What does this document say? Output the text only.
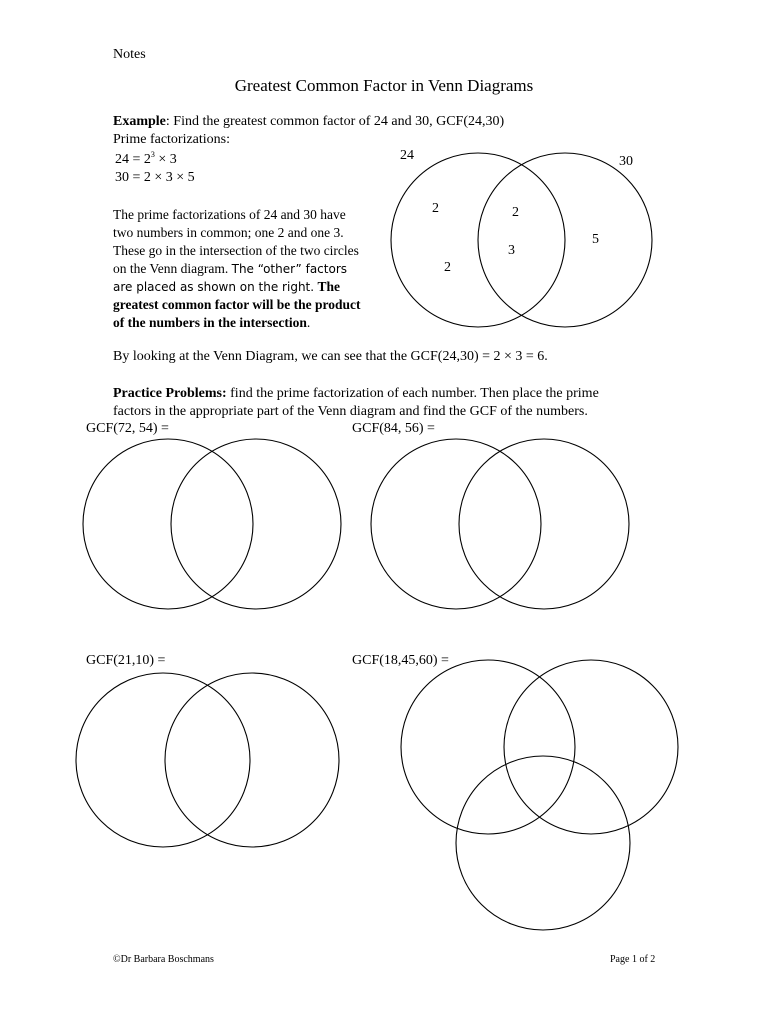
Notes
Greatest Common Factor in Venn Diagrams
Example: Find the greatest common factor of 24 and 30, GCF(24,30)
Prime factorizations:
$24 = 2^3 \times 3$
30 = 2 × 3 × 5
The prime factorizations of 24 and 30 have two numbers in common; one 2 and one 3. These go in the intersection of the two circles on the Venn diagram. The “other” factors are placed as shown on the right. The greatest common factor will be the product of the numbers in the intersection.
By looking at the Venn Diagram, we can see that the GCF(24,30) = 2 × 3 = 6.
Practice Problems: find the prime factorization of each number. Then place the prime
factors in the appropriate part of the Venn diagram and find the GCF of the numbers.
GCF(72, 54) =	GCF(84, 56) =
GCF(21,10) =	GCF(18,45,60) =
24	30
2
2
2
3
5
©Dr Barbara Boschmans	Page 1 of 2
